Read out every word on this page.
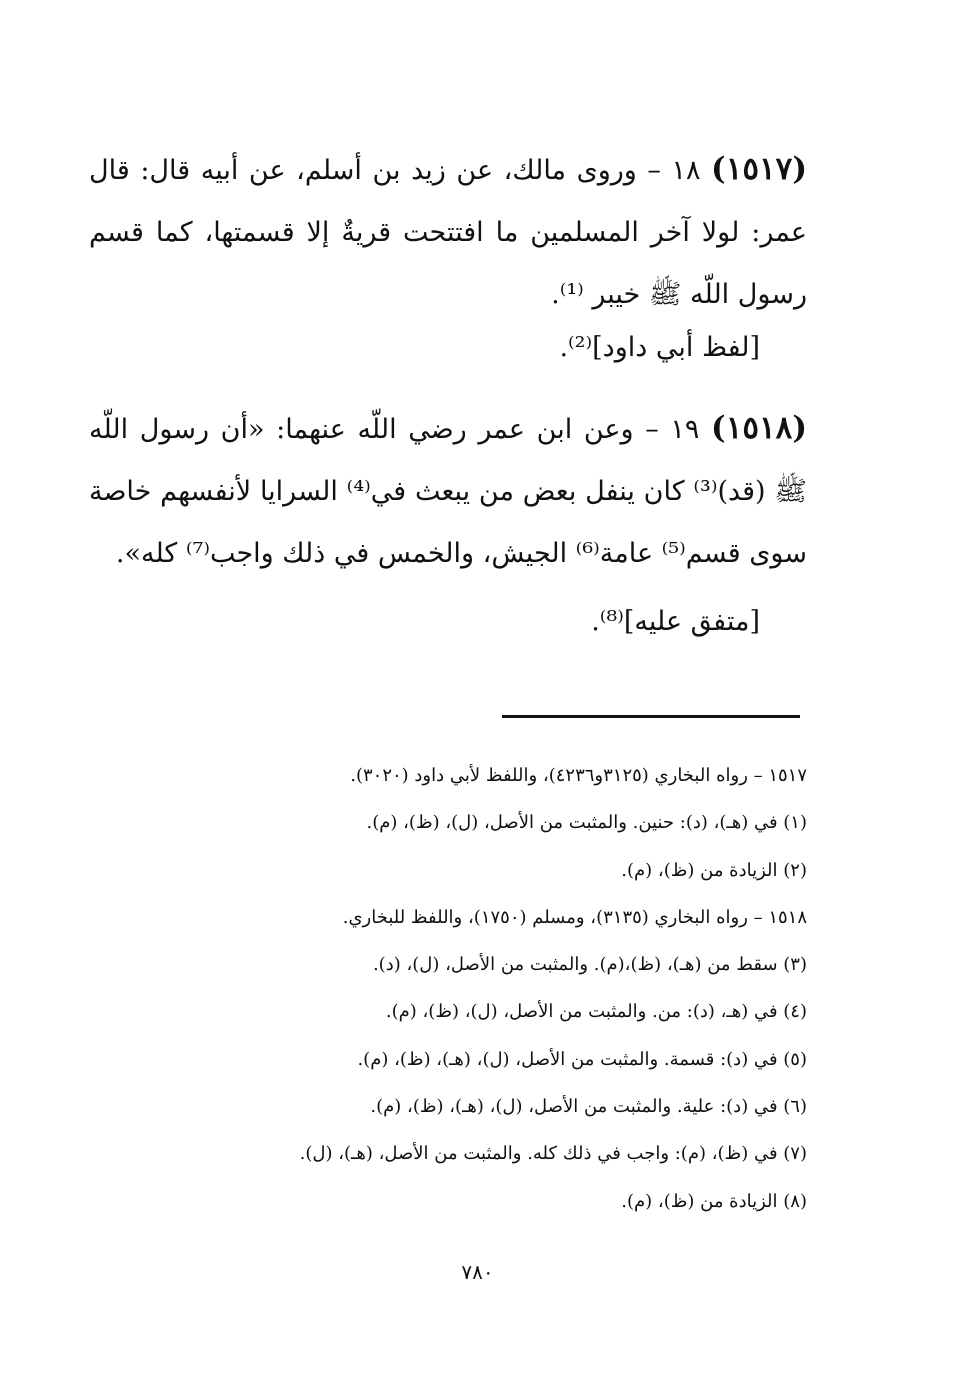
(١٥١٧) ١٨ – وروى مالك، عن زيد بن أسلم، عن أبيه قال: قال عمر: لولا آخر المسلمين ما افتتحت قريةٌ إلا قسمتها، كما قسم رسول اللّه ﷺ خيبر ⁽¹⁾.

[لفظ أبي داود]⁽²⁾.

(١٥١٨) ١٩ – وعن ابن عمر رضي اللّه عنهما: «أن رسول اللّه ﷺ (قد)⁽³⁾ كان ينفل بعض من يبعث في⁽⁴⁾ السرايا لأنفسهم خاصة سوى قسم⁽⁵⁾ عامة⁽⁶⁾ الجيش، والخمس في ذلك واجب⁽⁷⁾ كله».

[متفق عليه]⁽⁸⁾.

١٥١٧ – رواه البخاري (٣١٢٥و٤٢٣٦)، واللفظ لأبي داود (٣٠٢٠).

(١) في (هـ)، (د): حنين. والمثبت من الأصل، (ل)، (ظ)، (م).

(٢) الزيادة من (ظ)، (م).

١٥١٨ – رواه البخاري (٣١٣٥)، ومسلم (١٧٥٠)، واللفظ للبخاري.

(٣) سقط من (هـ)، (ظ)،(م). والمثبت من الأصل، (ل)، (د).

(٤) في (هـ، (د): من. والمثبت من الأصل، (ل)، (ظ)، (م).

(٥) في (د): قسمة. والمثبت من الأصل، (ل)، (هـ)، (ظ)، (م).

(٦) في (د): علية. والمثبت من الأصل، (ل)، (هـ)، (ظ)، (م).

(٧) في (ظ)، (م): واجب في ذلك كله. والمثبت من الأصل، (هـ)، (ل).

(٨) الزيادة من (ظ)، (م).

٧٨٠
